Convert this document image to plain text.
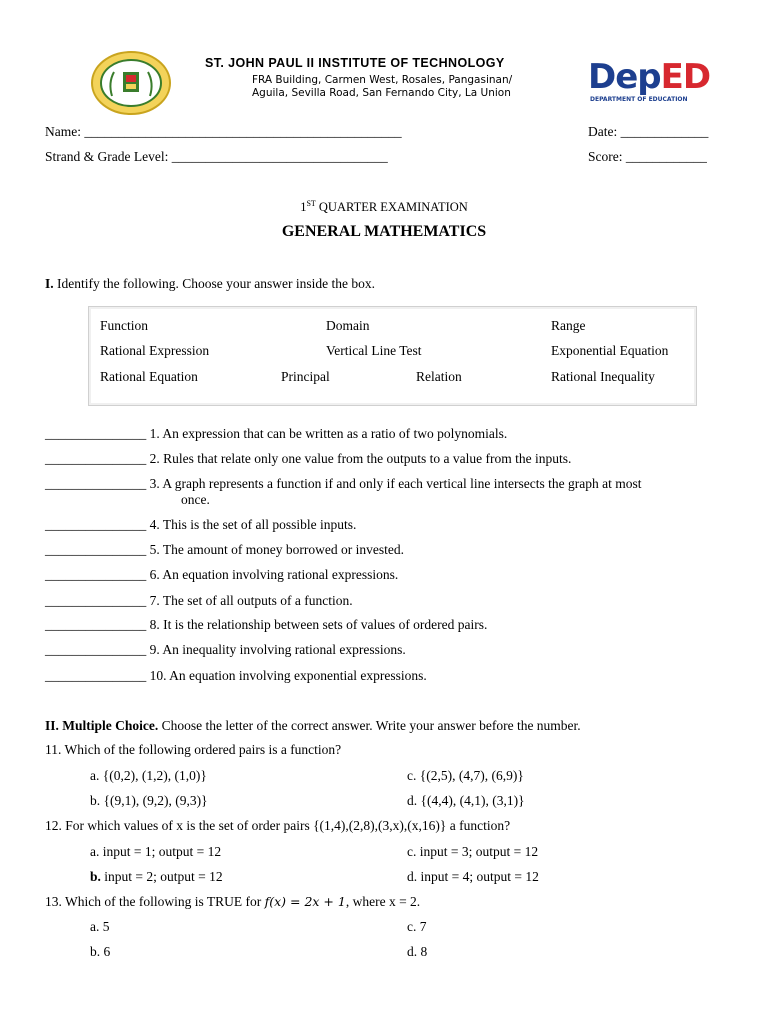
ST. JOHN PAUL II INSTITUTE OF TECHNOLOGY
FRA Building, Carmen West, Rosales, Pangasinan/
Aguila, Sevilla Road, San Fernando City, La Union DepED
DEPARTMENT OF EDUCATION
Name: _______________________________________________	Date: _____________
Strand & Grade Level: ________________________________	Score: ____________
1ST QUARTER EXAMINATION
GENERAL MATHEMATICS
I. Identify the following. Choose your answer inside the box.
Function	Domain	Range
Rational Expression	Vertical Line Test	Exponential Equation
Rational Equation	Principal	Relation	Rational Inequality
_______________ 1. An expression that can be written as a ratio of two polynomials.
_______________ 2. Rules that relate only one value from the outputs to a value from the inputs.
_______________ 3. A graph represents a function if and only if each vertical line intersects the graph at most
once.
_______________ 4. This is the set of all possible inputs.
_______________ 5. The amount of money borrowed or invested.
_______________ 6. An equation involving rational expressions.
_______________ 7. The set of all outputs of a function.
_______________ 8. It is the relationship between sets of values of ordered pairs.
_______________ 9. An inequality involving rational expressions.
_______________ 10. An equation involving exponential expressions.
II. Multiple Choice. Choose the letter of the correct answer. Write your answer before the number.
11. Which of the following ordered pairs is a function?
a. {(0,2), (1,2), (1,0)}	c. {(2,5), (4,7), (6,9)}
b. {(9,1), (9,2), (9,3)}	d. {(4,4), (4,1), (3,1)}
12. For which values of x is the set of order pairs {(1,4),(2,8),(3,x),(x,16)} a function?
a. input = 1; output = 12	c. input = 3; output = 12
b. input = 2; output = 12	d. input = 4; output = 12
13. Which of the following is TRUE for f(x) = 2x + 1, where x = 2.
a. 5	c. 7
b. 6	d. 8
